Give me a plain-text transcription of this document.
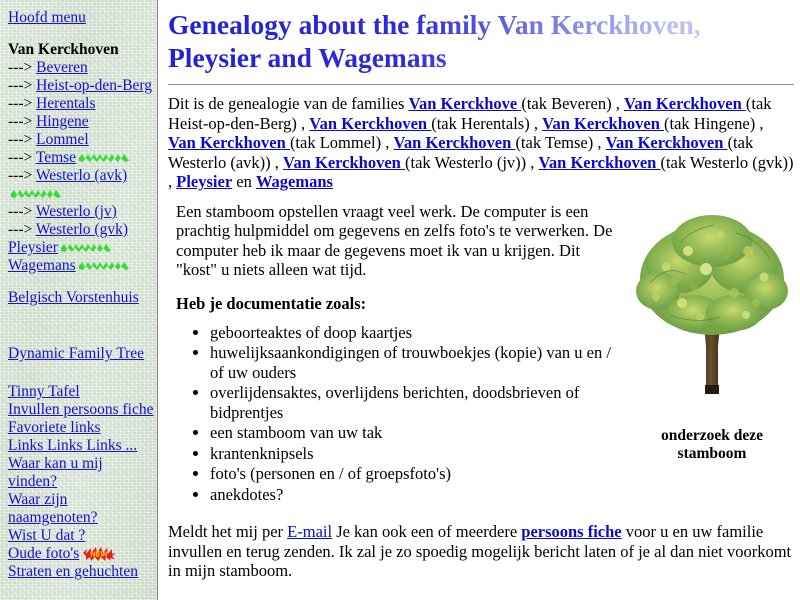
Hoofd menu
Van Kerckhoven
---> Beveren
---> Heist-op-den-Berg
---> Herentals
---> Hingene
---> Lommel
---> Temse
---> Westerlo (avk)
---> Westerlo (jv)
---> Westerlo (gvk)
Pleysier
Wagemans
Belgisch Vorstenhuis
Dynamic Family Tree
Tinny Tafel
Invullen persoons fiche
Favoriete links
Links Links Links ...
Waar kan u mij vinden?
Waar zijn naamgenoten?
Wist U dat ?
Oude foto's NEW
Straten en gehuchten
Genealogy about the family Van Kerckhoven, Pleysier and Wagemans

Dit is de genealogie van de families Van Kerckhove (tak Beveren) , Van Kerckhoven (tak Heist-op-den-Berg) , Van Kerckhoven (tak Herentals) , Van Kerckhoven (tak Hingene) , Van Kerckhoven (tak Lommel) , Van Kerckhoven (tak Temse) , Van Kerckhoven (tak Westerlo (avk)) , Van Kerckhoven (tak Westerlo (jv)) , Van Kerckhoven (tak Westerlo (gvk)) , Pleysier en Wagemans

onderzoek deze stamboom

Een stamboom opstellen vraagt veel werk. De computer is een prachtig hulpmiddel om gegevens en zelfs foto's te verwerken. De computer heb ik maar de gegevens moet ik van u krijgen. Dit "kost" u niets alleen wat tijd.

Heb je documentatie zoals:
• geboorteaktes of doop kaartjes
• huwelijksaankondigingen of trouwboekjes (kopie) van u en / of uw ouders
• overlijdensaktes, overlijdens berichten, doodsbrieven of bidprentjes
• een stamboom van uw tak
• krantenknipsels
• foto's (personen en / of groepsfoto's)
• anekdotes?

Meldt het mij per E-mail Je kan ook een of meerdere persoons fiche voor u en uw familie invullen en terug zenden. Ik zal je zo spoedig mogelijk bericht laten of je al dan niet voorkomt in mijn stamboom.
